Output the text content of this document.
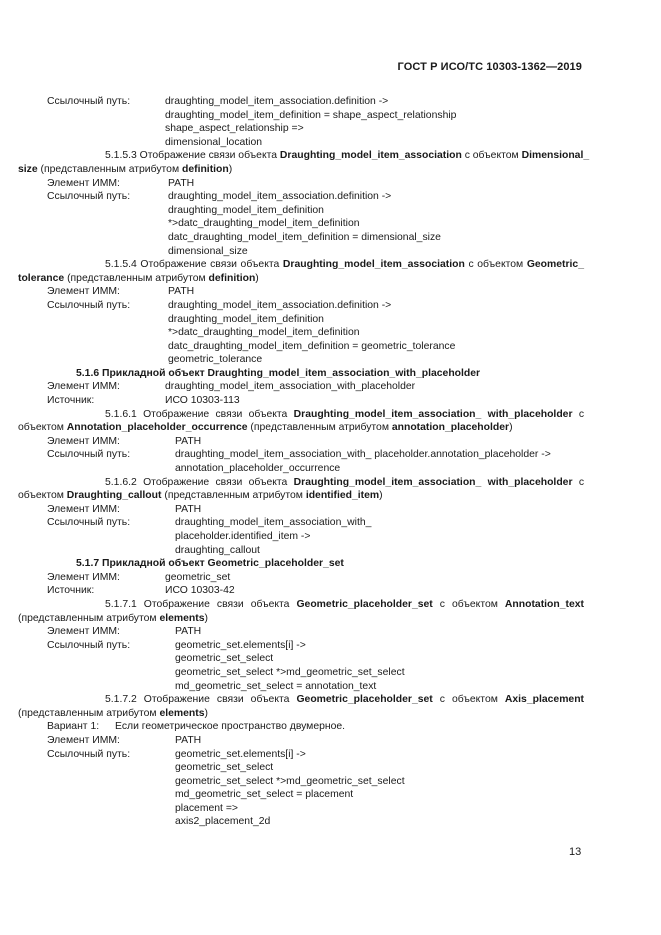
ГОСТ Р ИСО/ТС 10303-1362—2019
Ссылочный путь:	draughting_model_item_association.definition ->
draughting_model_item_definition = shape_aspect_relationship
shape_aspect_relationship =>
dimensional_location
5.1.5.3 Отображение связи объекта Draughting_model_item_association с объектом Dimensional_
size (представленным атрибутом definition)
Элемент ИММ:	PATH
Ссылочный путь:	draughting_model_item_association.definition ->
draughting_model_item_definition
*>datc_draughting_model_item_definition
datc_draughting_model_item_definition = dimensional_size
dimensional_size
5.1.5.4 Отображение связи объекта Draughting_model_item_association с объектом Geometric_
tolerance (представленным атрибутом definition)
Элемент ИММ:	PATH
Ссылочный путь:	draughting_model_item_association.definition ->
draughting_model_item_definition
*>datc_draughting_model_item_definition
datc_draughting_model_item_definition = geometric_tolerance
geometric_tolerance
5.1.6 Прикладной объект Draughting_model_item_association_with_placeholder
Элемент ИММ:	draughting_model_item_association_with_placeholder
Источник:	ИСО 10303-113
5.1.6.1 Отображение связи объекта Draughting_model_item_association_ with_placeholder с
объектом Annotation_placeholder_occurrence (представленным атрибутом annotation_placeholder)
Элемент ИММ:	PATH
Ссылочный путь:	draughting_model_item_association_with_ placeholder.annotation_placeholder ->
annotation_placeholder_occurrence
5.1.6.2 Отображение связи объекта Draughting_model_item_association_ with_placeholder с
объектом Draughting_callout (представленным атрибутом identified_item)
Элемент ИММ:	PATH
Ссылочный путь:	draughting_model_item_association_with_
placeholder.identified_item ->
draughting_callout
5.1.7 Прикладной объект Geometric_placeholder_set
Элемент ИММ:	geometric_set
Источник:	ИСО 10303-42
5.1.7.1 Отображение связи объекта Geometric_placeholder_set с объектом Annotation_text
(представленным атрибутом elements)
Элемент ИММ:	PATH
Ссылочный путь:	geometric_set.elements[i] ->
geometric_set_select
geometric_set_select *>md_geometric_set_select
md_geometric_set_select = annotation_text
5.1.7.2 Отображение связи объекта Geometric_placeholder_set с объектом Axis_placement
(представленным атрибутом elements)
Вариант 1:	Если геометрическое пространство двумерное.
Элемент ИММ:	PATH
Ссылочный путь:	geometric_set.elements[i] ->
geometric_set_select
geometric_set_select *>md_geometric_set_select
md_geometric_set_select = placement
placement =>
axis2_placement_2d
13
